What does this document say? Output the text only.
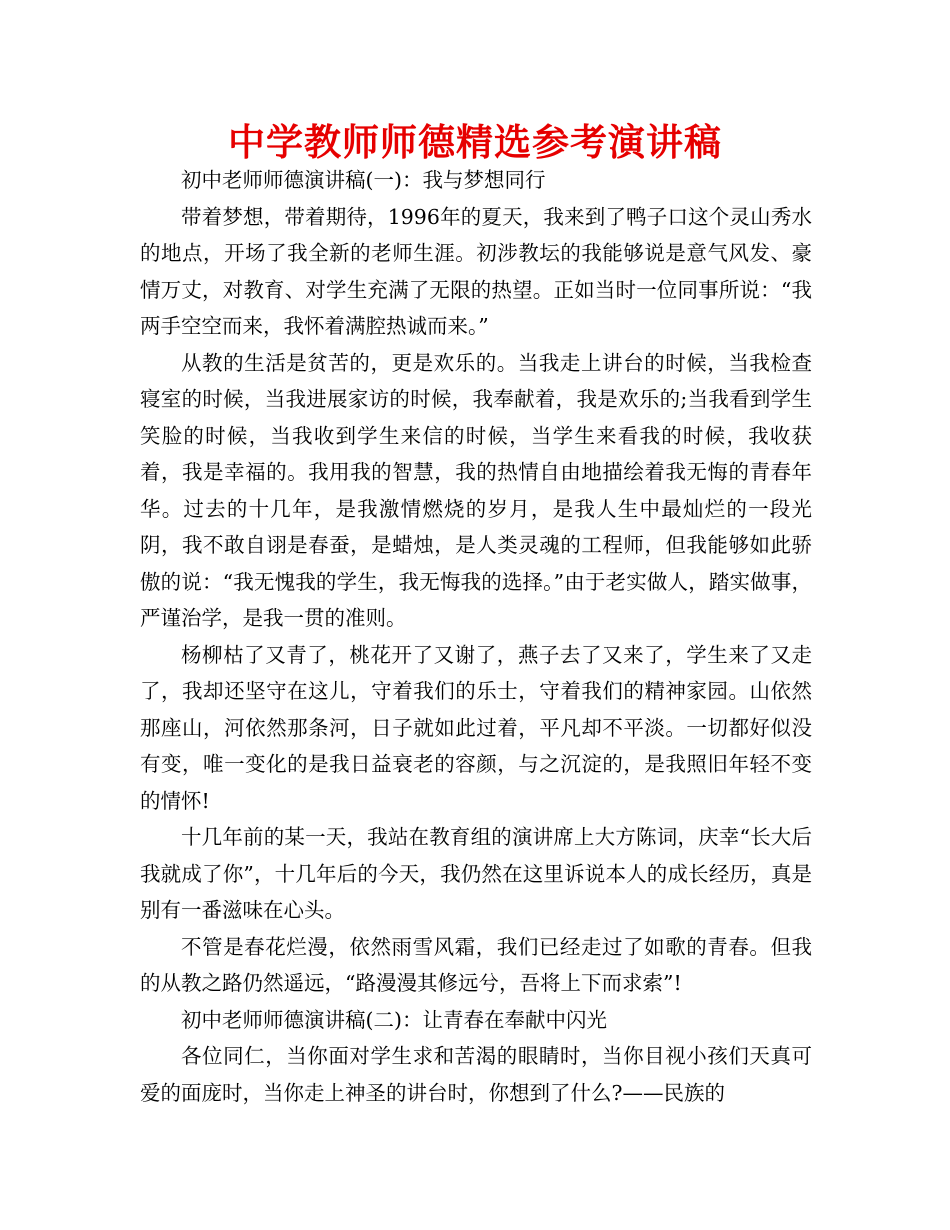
中学教师师德精选参考演讲稿

初中老师师德演讲稿(一)：我与梦想同行

带着梦想，带着期待，1996年的夏天，我来到了鸭子口这个灵山秀水的地点，开场了我全新的老师生涯。初涉教坛的我能够说是意气风发、豪情万丈，对教育、对学生充满了无限的热望。正如当时一位同事所说：“我两手空空而来，我怀着满腔热诚而来。”

从教的生活是贫苦的，更是欢乐的。当我走上讲台的时候，当我检查寝室的时候，当我进展家访的时候，我奉献着，我是欢乐的;当我看到学生笑脸的时候，当我收到学生来信的时候，当学生来看我的时候，我收获着，我是幸福的。我用我的智慧，我的热情自由地描绘着我无悔的青春年华。过去的十几年，是我激情燃烧的岁月，是我人生中最灿烂的一段光阴，我不敢自诩是春蚕，是蜡烛，是人类灵魂的工程师，但我能够如此骄傲的说：“我无愧我的学生，我无悔我的选择。”由于老实做人，踏实做事，严谨治学，是我一贯的准则。

杨柳枯了又青了，桃花开了又谢了，燕子去了又来了，学生来了又走了，我却还坚守在这儿，守着我们的乐士，守着我们的精神家园。山依然那座山，河依然那条河，日子就如此过着，平凡却不平淡。一切都好似没有变，唯一变化的是我日益衰老的容颜，与之沉淀的，是我照旧年轻不变的情怀!

十几年前的某一天，我站在教育组的演讲席上大方陈词，庆幸“长大后我就成了你”，十几年后的今天，我仍然在这里诉说本人的成长经历，真是别有一番滋味在心头。

不管是春花烂漫，依然雨雪风霜，我们已经走过了如歌的青春。但我的从教之路仍然遥远，“路漫漫其修远兮，吾将上下而求索”!

初中老师师德演讲稿(二)：让青春在奉献中闪光

各位同仁，当你面对学生求和苦渴的眼睛时，当你目视小孩们天真可爱的面庞时，当你走上神圣的讲台时，你想到了什么?——民族的
